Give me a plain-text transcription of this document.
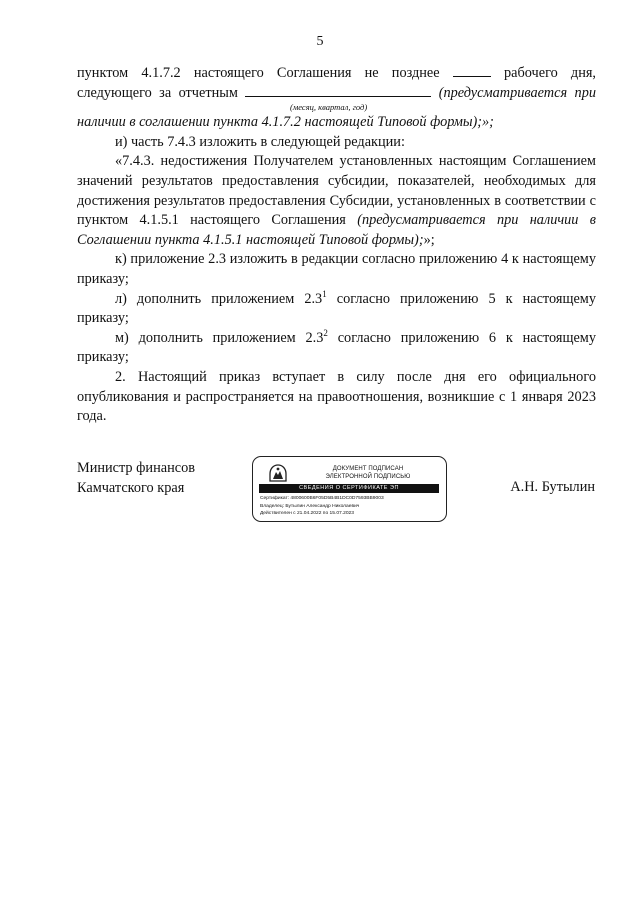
5

пунктом 4.1.7.2 настоящего Соглашения не позднее	рабочего дня,

следующего за отчетным	(предусматривается при

(месяц, квартал, год)

наличии в соглашении пункта 4.1.7.2 настоящей Типовой формы);»;

и) часть 7.4.3 изложить в следующей редакции:

«7.4.3. недостижения Получателем установленных настоящим Соглашением значений результатов предоставления субсидии, показателей, необходимых для достижения результатов предоставления Субсидии, установленных в соответствии с пунктом 4.1.5.1 настоящего Соглашения (предусматривается при наличии в Соглашении пункта 4.1.5.1 настоящей Типовой формы);»;

к) приложение 2.3 изложить в редакции согласно приложению 4 к настоящему приказу;

л) дополнить приложением $2.3^1$ согласно приложению 5 к настоящему приказу;

м) дополнить приложением $2.3^2$ согласно приложению 6 к настоящему приказу;

2. Настоящий приказ вступает в силу после дня его официального опубликования и распространяется на правоотношения, возникшие с 1 января 2023 года.

Министр финансов
Камчатского края
ДОКУМЕНТ ПОДПИСАН
ЭЛЕКТРОННОЙ ПОДПИСЬЮ
СВЕДЕНИЯ О СЕРТИФИКАТЕ ЭП
Сертификат: 4800600B6F05D5B4B1DC0D7593BB9003
Владелец: Бутылин Александр Николаевич
Действителен с 21.04.2022 по 15.07.2023
А.Н. Бутылин
